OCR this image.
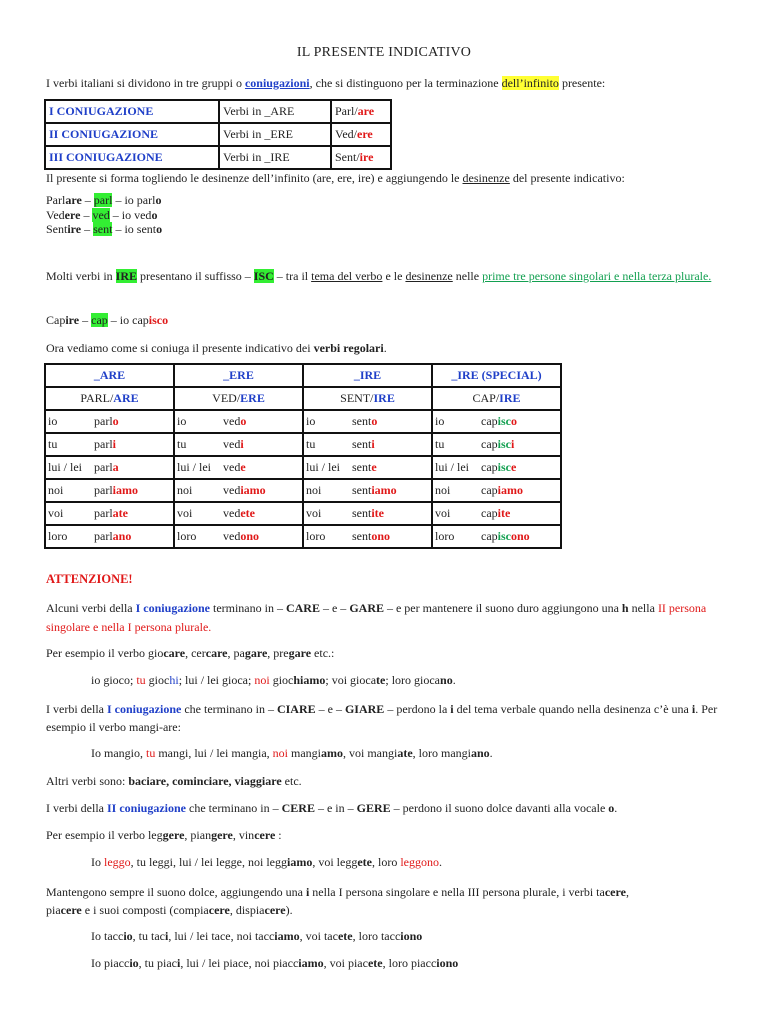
IL PRESENTE INDICATIVO
I verbi italiani si dividono in tre gruppi o coniugazioni, che si distinguono per la terminazione dell’infinito presente:
I CONIUGAZIONE	Verbi in _ARE	Parl/are
II CONIUGAZIONE	Verbi in _ERE	Ved/ere
III CONIUGAZIONE	Verbi in _IRE	Sent/ire
Il presente si forma togliendo le desinenze dell’infinito (are, ere, ire) e aggiungendo le desinenze del presente indicativo:
Parlare – parl – io parlo
Vedere – ved – io vedo
Sentire – sent – io sento
Molti verbi in IRE presentano il suffisso – ISC – tra il tema del verbo e le desinenze nelle prime tre persone singolari e nella terza plurale.
Capire – cap – io capisco
Ora vediamo come si coniuga il presente indicativo dei verbi regolari.
_ARE	_ERE	_IRE	_IRE (SPECIAL)
PARL/ARE	VED/ERE	SENT/IRE	CAP/IRE
io parlo	io vedo	io sento	io capisco
tu parli	tu vedi	tu senti	tu capisci
lui / lei parla	lui / lei vede	lui / lei sente	lui / lei capisce
noi parliamo	noi vediamo	noi sentiamo	noi capiamo
voi parlate	voi vedete	voi sentite	voi capite
loro parlano	loro vedono	loro sentono	loro capiscono
ATTENZIONE!
Alcuni verbi della I coniugazione terminano in – CARE – e – GARE – e per mantenere il suono duro aggiungono una h nella II persona singolare e nella I persona plurale.
Per esempio il verbo giocare, cercare, pagare, pregare etc.:
io gioco; tu giochi; lui / lei gioca; noi giochiamo; voi giocate; loro giocano.
I verbi della I coniugazione che terminano in – CIARE – e – GIARE – perdono la i del tema verbale quando nella desinenza c’è una i. Per esempio il verbo mangi-are:
Io mangio, tu mangi, lui / lei mangia, noi mangiamo, voi mangiate, loro mangiano.
Altri verbi sono: baciare, cominciare, viaggiare etc.
I verbi della II coniugazione che terminano in – CERE – e in – GERE – perdono il suono dolce davanti alla vocale o.
Per esempio il verbo leggere, piangere, vincere :
Io leggo, tu leggi, lui / lei legge, noi leggiamo, voi leggete, loro leggono.
Mantengono sempre il suono dolce, aggiungendo una i nella I persona singolare e nella III persona plurale, i verbi tacere,
piacere e i suoi composti (compiacere, dispiacere).
Io taccio, tu taci, lui / lei tace, noi tacciamo, voi tacete, loro tacciono
Io piaccio, tu piaci, lui / lei piace, noi piacciamo, voi piacete, loro piacciono
